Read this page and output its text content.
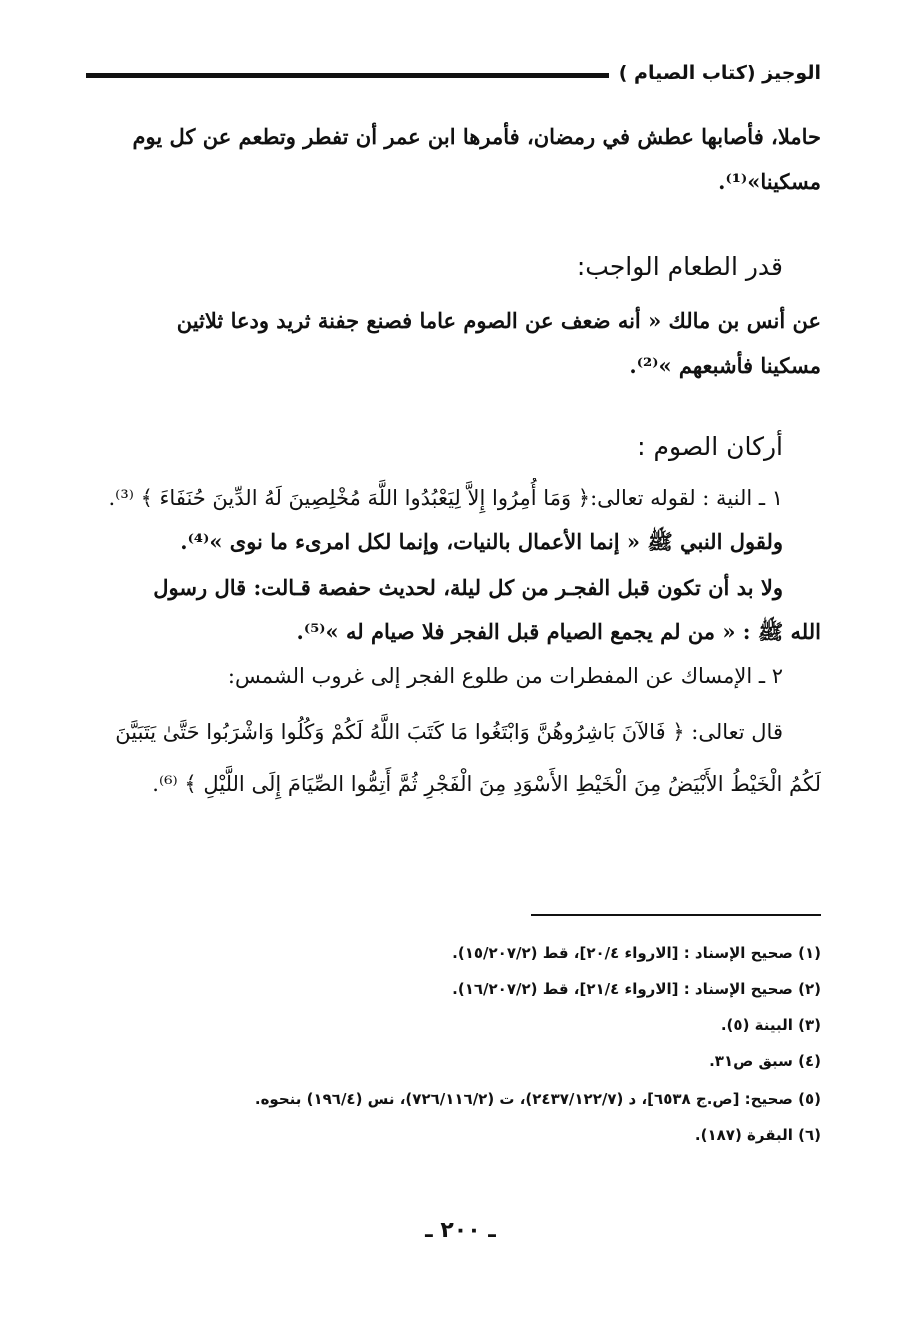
الوجيز (كتاب الصيام )
حاملا، فأصابها عطش في رمضان، فأمرها ابن عمر أن تفطر وتطعم عن كل يوم
مسكينا»⁽¹⁾.
قدر الطعام الواجب:
عن أنس بن مالك « أنه ضعف عن الصوم عاما فصنع جفنة ثريد ودعا ثلاثين
مسكينا فأشبعهم »⁽²⁾.
أركان الصوم :
١ ـ النية : لقوله تعالى:﴿ وَمَا أُمِرُوا إِلاَّ لِيَعْبُدُوا اللَّهَ مُخْلِصِينَ لَهُ الدِّينَ حُنَفَاءَ ﴾ ⁽³⁾.
ولقول النبي ﷺ « إنما الأعمال بالنيات، وإنما لكل امرىء ما نوى »⁽⁴⁾.
ولا بد أن تكون قبل الفجـر من كل ليلة، لحديث حفصة قـالت: قال رسول
الله ﷺ : « من لم يجمع الصيام قبل الفجر فلا صيام له »⁽⁵⁾.
٢ ـ الإمساك عن المفطرات من طلوع الفجر إلى غروب الشمس:
قال تعالى: ﴿ فَالآنَ بَاشِرُوهُنَّ وَابْتَغُوا مَا كَتَبَ اللَّهُ لَكُمْ وَكُلُوا وَاشْرَبُوا حَتَّىٰ يَتَبَيَّنَ
لَكُمُ الْخَيْطُ الأَبْيَضُ مِنَ الْخَيْطِ الأَسْوَدِ مِنَ الْفَجْرِ ثُمَّ أَتِمُّوا الصِّيَامَ إِلَى اللَّيْلِ ﴾ ⁽⁶⁾.
(١) صحيح الإسناد : [الارواء ٢٠/٤]، قط (١٥/٢٠٧/٢).
(٢) صحيح الإسناد : [الارواء ٢١/٤]، قط (١٦/٢٠٧/٢).
(٣) البينة (٥).
(٤) سبق ص٣١.
(٥) صحيح: [ص.ج ٦٥٣٨]، د (٢٤٣٧/١٢٢/٧)، ت (٧٢٦/١١٦/٢)، نس (١٩٦/٤) بنحوه.
(٦) البقرة (١٨٧).
ـ ٢٠٠ ـ
